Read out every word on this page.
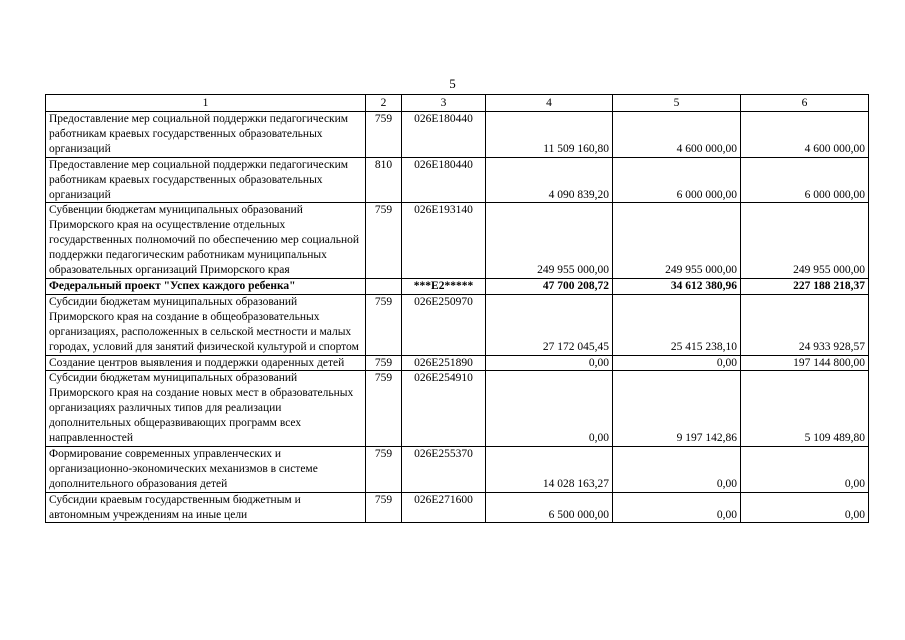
5
1	2	3	4	5	6
Предоставление мер социальной поддержки педагогическим работникам краевых государственных образовательных организаций	759	026E180440	11 509 160,80	4 600 000,00	4 600 000,00
Предоставление мер социальной поддержки педагогическим работникам краевых государственных образовательных организаций	810	026E180440	4 090 839,20	6 000 000,00	6 000 000,00
Субвенции бюджетам муниципальных образований Приморского края на осуществление отдельных государственных полномочий по обеспечению мер социальной поддержки педагогическим работникам муниципальных образовательных организаций Приморского края	759	026E193140	249 955 000,00	249 955 000,00	249 955 000,00
Федеральный проект "Успех каждого ребенка"		***E2*****	47 700 208,72	34 612 380,96	227 188 218,37
Субсидии бюджетам муниципальных образований Приморского края на создание в общеобразовательных организациях, расположенных в сельской местности и малых городах, условий для занятий физической культурой и спортом	759	026E250970	27 172 045,45	25 415 238,10	24 933 928,57
Создание центров выявления и поддержки одаренных детей	759	026E251890	0,00	0,00	197 144 800,00
Субсидии бюджетам муниципальных образований Приморского края на создание новых мест в образовательных организациях различных типов для реализации дополнительных общеразвивающих программ всех направленностей	759	026E254910	0,00	9 197 142,86	5 109 489,80
Формирование современных управленческих и организационно-экономических механизмов в системе дополнительного образования детей	759	026E255370	14 028 163,27	0,00	0,00
Субсидии краевым государственным бюджетным и автономным учреждениям на иные цели	759	026E271600	6 500 000,00	0,00	0,00
